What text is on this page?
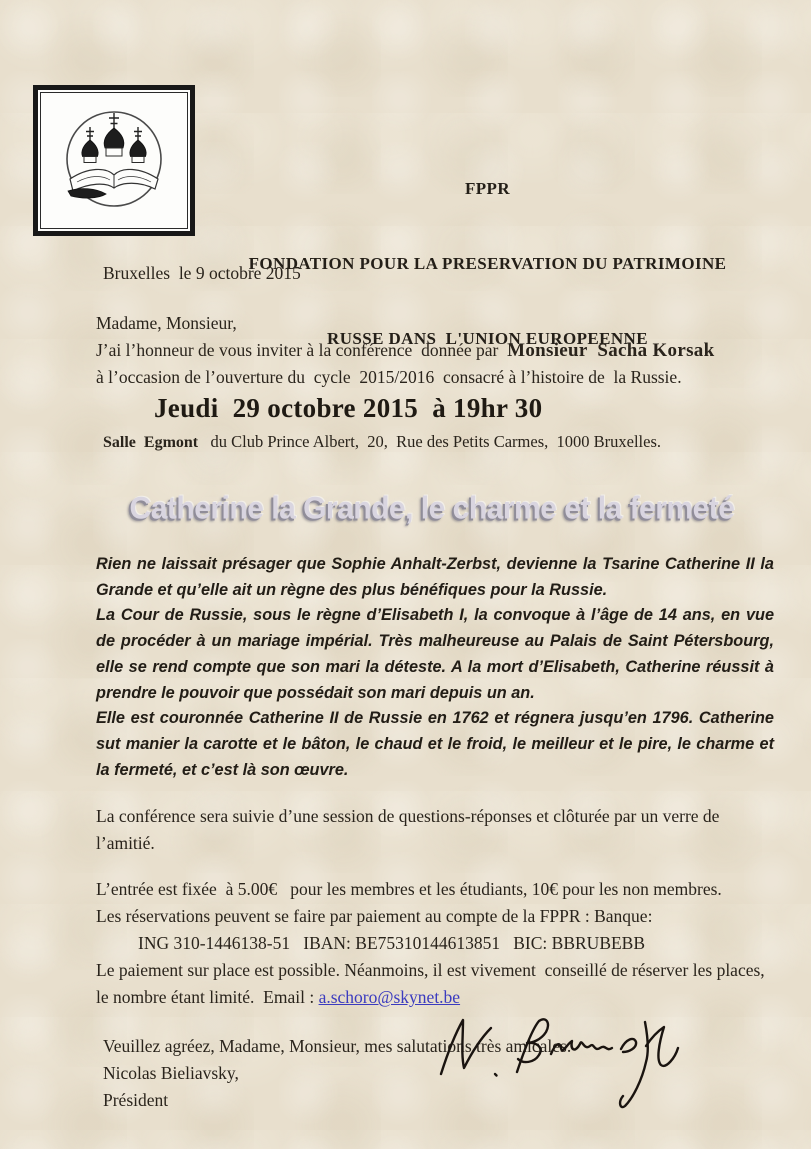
FPPR

FONDATION POUR LA PRESERVATION DU PATRIMOINE

RUSSE DANS  L'UNION EUROPEENNE

Bruxelles  le 9 octobre 2015
Madame, Monsieur,
J’ai l’honneur de vous inviter à la conférence  donnée par  Monsieur  Sacha Korsak
à l’occasion de l’ouverture du  cycle  2015/2016  consacré à l’histoire de  la Russie.
Jeudi  29 octobre 2015  à 19hr 30
Salle  Egmont   du Club Prince Albert,  20,  Rue des Petits Carmes,  1000 Bruxelles.
Catherine la Grande, le charme et la fermeté

Rien ne laissait présager que Sophie Anhalt-Zerbst, devienne la Tsarine Catherine II la Grande et qu’elle ait un règne des plus bénéfiques pour la Russie.

La Cour de Russie, sous le règne d’Elisabeth I, la convoque à l’âge de 14 ans, en vue de procéder à un mariage impérial. Très malheureuse au Palais de Saint Pétersbourg, elle se rend compte que son mari la déteste. A la mort d’Elisabeth, Catherine réussit à prendre le pouvoir que possédait son mari depuis un an.

Elle est couronnée Catherine II de Russie en 1762 et régnera jusqu’en 1796. Catherine sut manier la carotte et le bâton, le chaud et le froid, le meilleur et le pire, le charme et la fermeté, et c’est là son œuvre.

La conférence sera suivie d’une session de questions-réponses et clôturée par un verre de l’amitié.
L’entrée est fixée  à 5.00€   pour les membres et les étudiants, 10€ pour les non membres.
Les réservations peuvent se faire par paiement au compte de la FPPR : Banque:
ING 310-1446138-51   IBAN: BE75310144613851   BIC: BBRUBEBB
Le paiement sur place est possible. Néanmoins, il est vivement  conseillé de réserver les places, le nombre étant limité.  Email : a.schoro@skynet.be
Veuillez agréez, Madame, Monsieur, mes salutations très amicales.
Nicolas Bieliavsky,
Président
